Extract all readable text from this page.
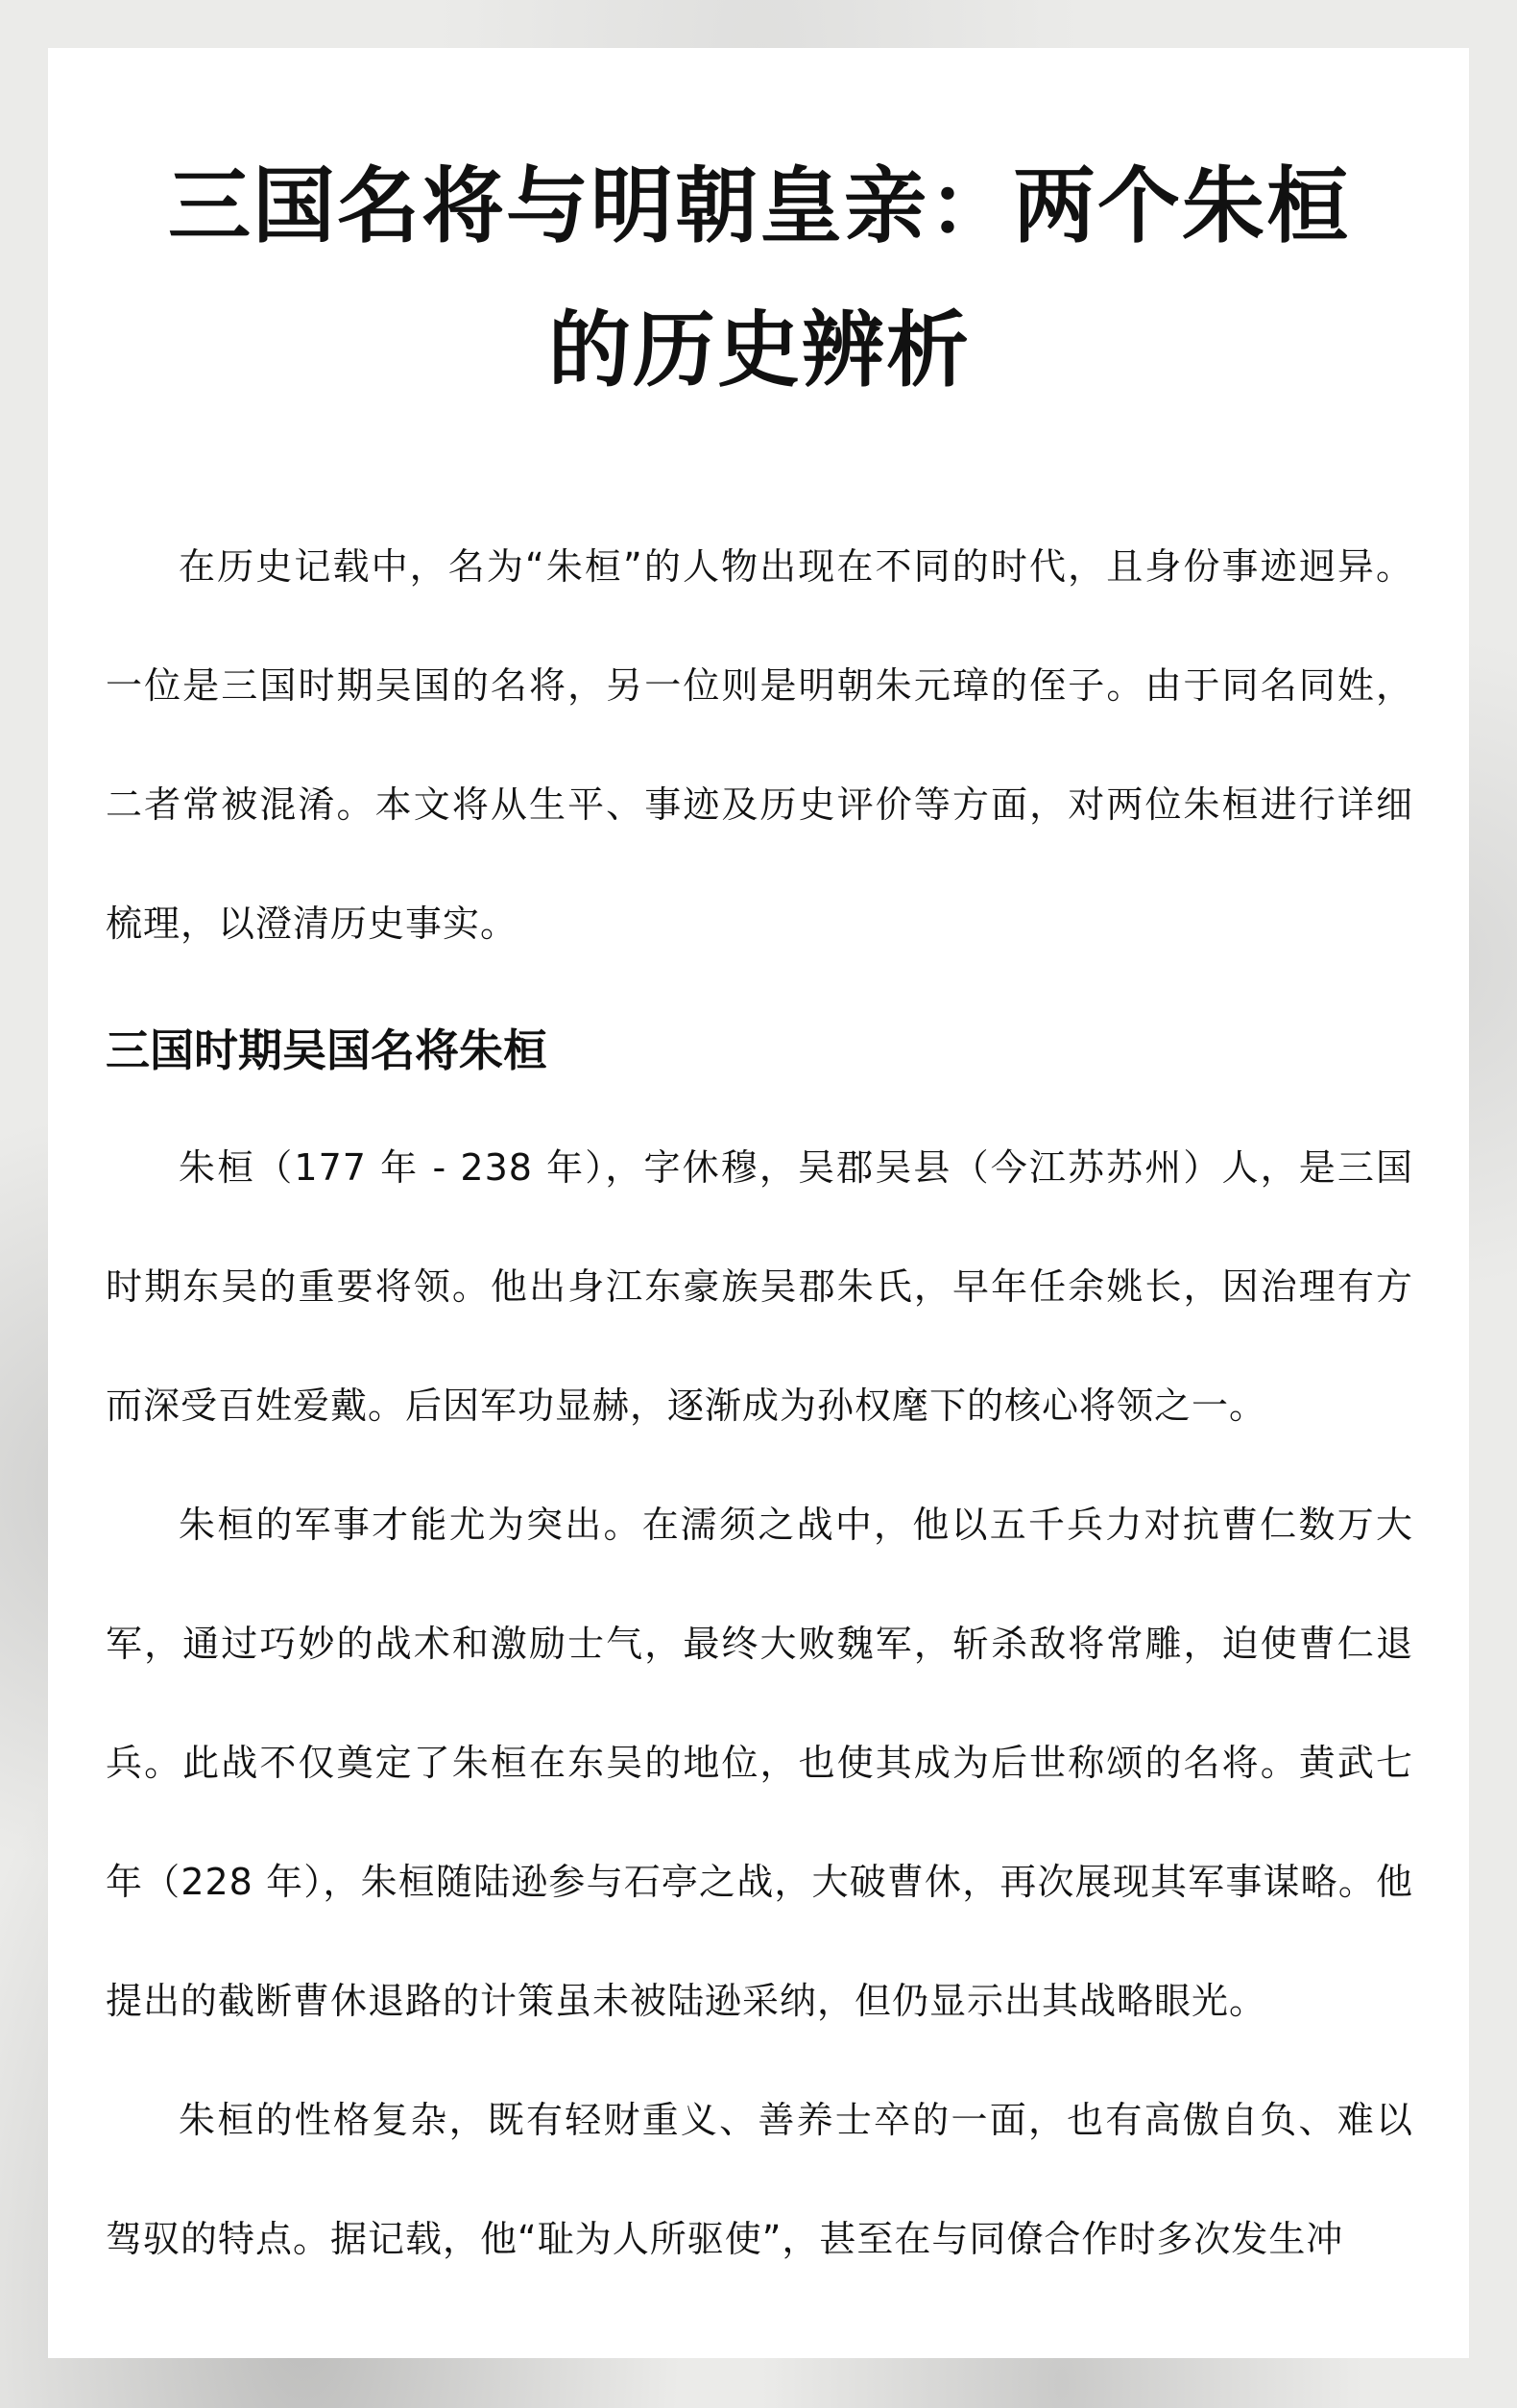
三国名将与明朝皇亲：两个朱桓的历史辨析

在历史记载中，名为“朱桓”的人物出现在不同的时代，且身份事迹迥异。一位是三国时期吴国的名将，另一位则是明朝朱元璋的侄子。由于同名同姓，二者常被混淆。本文将从生平、事迹及历史评价等方面，对两位朱桓进行详细梳理，以澄清历史事实。

三国时期吴国名将朱桓

朱桓（177 年 - 238 年），字休穆，吴郡吴县（今江苏苏州）人，是三国时期东吴的重要将领。他出身江东豪族吴郡朱氏，早年任余姚长，因治理有方而深受百姓爱戴。后因军功显赫，逐渐成为孙权麾下的核心将领之一。

朱桓的军事才能尤为突出。在濡须之战中，他以五千兵力对抗曹仁数万大军，通过巧妙的战术和激励士气，最终大败魏军，斩杀敌将常雕，迫使曹仁退兵。此战不仅奠定了朱桓在东吴的地位，也使其成为后世称颂的名将。黄武七年（228 年），朱桓随陆逊参与石亭之战，大破曹休，再次展现其军事谋略。他提出的截断曹休退路的计策虽未被陆逊采纳，但仍显示出其战略眼光。

朱桓的性格复杂，既有轻财重义、善养士卒的一面，也有高傲自负、难以驾驭的特点。据记载，他“耻为人所驱使”，甚至在与同僚合作时多次发生冲
